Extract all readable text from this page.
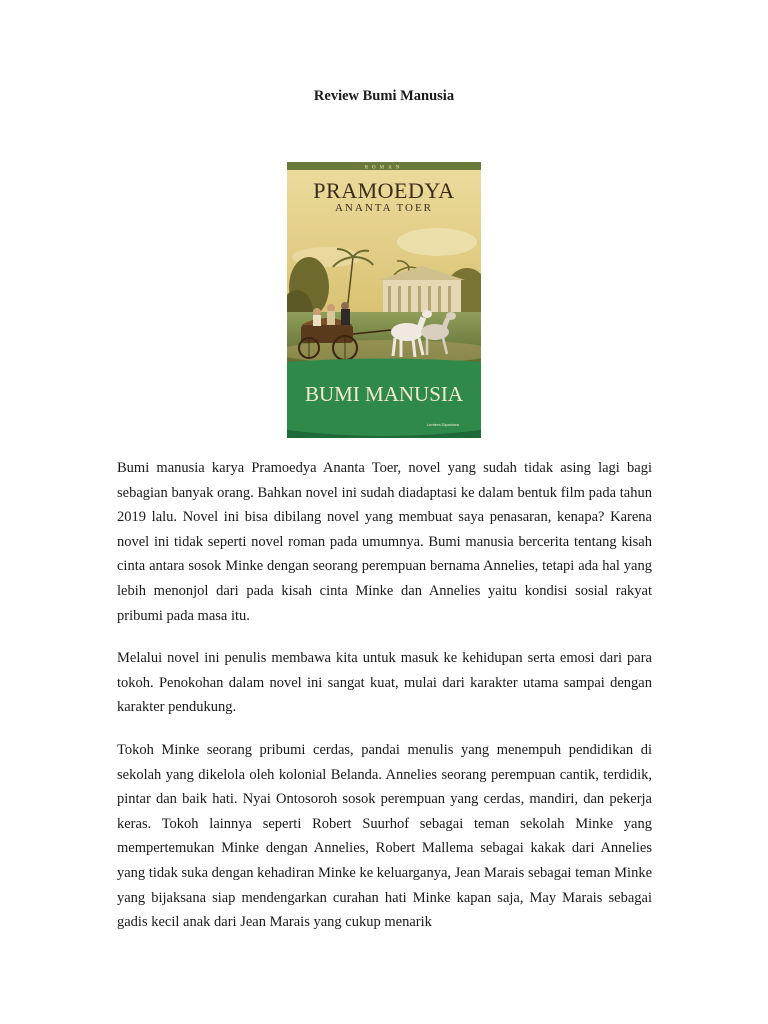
Review Bumi Manusia
ROMAN
PRAMOEDYA
ANANTA TOER
BUMI MANUSIA
Lentera Dipantara

Bumi manusia karya Pramoedya Ananta Toer, novel yang sudah tidak asing lagi bagi sebagian banyak orang. Bahkan novel ini sudah diadaptasi ke dalam bentuk film pada tahun 2019 lalu. Novel ini bisa dibilang novel yang membuat saya penasaran, kenapa? Karena novel ini tidak seperti novel roman pada umumnya. Bumi manusia bercerita tentang kisah cinta antara sosok Minke dengan seorang perempuan bernama Annelies, tetapi ada hal yang lebih menonjol dari pada kisah cinta Minke dan Annelies yaitu kondisi sosial rakyat pribumi pada masa itu.

Melalui novel ini penulis membawa kita untuk masuk ke kehidupan serta emosi dari para tokoh. Penokohan dalam novel ini sangat kuat, mulai dari karakter utama sampai dengan karakter pendukung.

Tokoh Minke seorang pribumi cerdas, pandai menulis yang menempuh pendidikan di sekolah yang dikelola oleh kolonial Belanda. Annelies seorang perempuan cantik, terdidik, pintar dan baik hati. Nyai Ontosoroh sosok perempuan yang cerdas, mandiri, dan pekerja keras. Tokoh lainnya seperti Robert Suurhof sebagai teman sekolah Minke yang mempertemukan Minke dengan Annelies, Robert Mallema sebagai kakak dari Annelies yang tidak suka dengan kehadiran Minke ke keluarganya, Jean Marais sebagai teman Minke yang bijaksana siap mendengarkan curahan hati Minke kapan saja, May Marais sebagai gadis kecil anak dari Jean Marais yang cukup menarik
